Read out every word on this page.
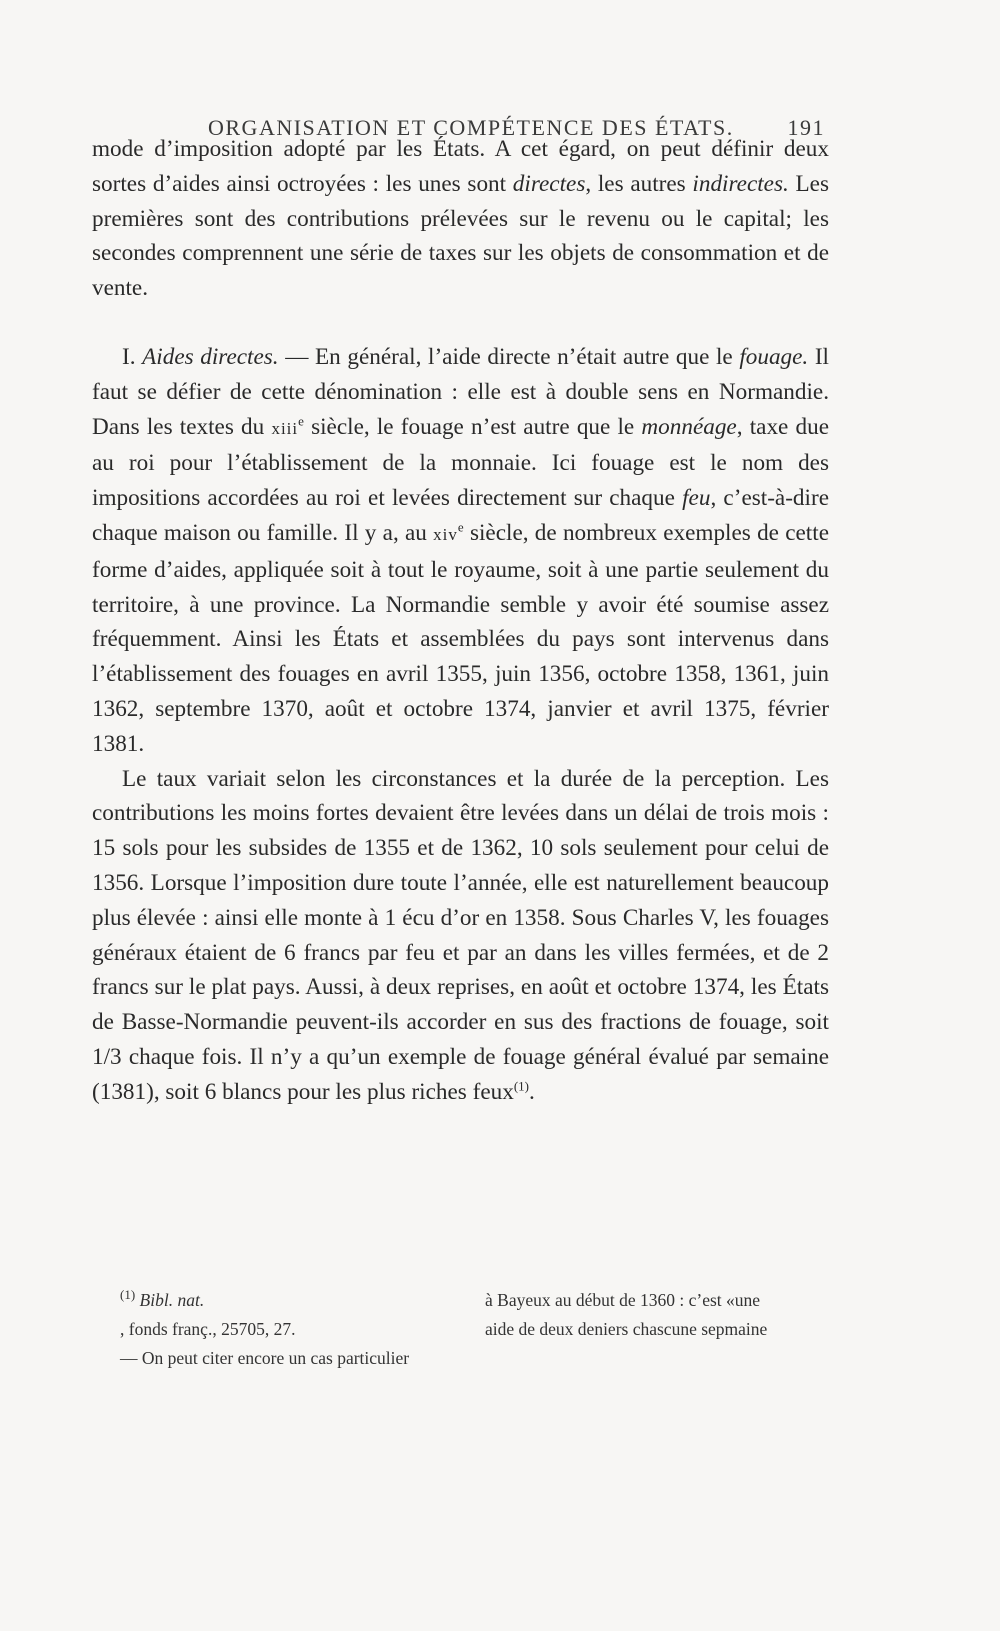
ORGANISATION ET COMPÉTENCE DES ÉTATS. 191

mode d’imposition adopté par les États. A cet égard, on peut définir deux sortes d’aides ainsi octroyées : les unes sont directes, les autres indirectes. Les premières sont des contributions prélevées sur le revenu ou le capital; les secondes comprennent une série de taxes sur les objets de consommation et de vente.

I. Aides directes. — En général, l’aide directe n’était autre que le fouage. Il faut se défier de cette dénomination : elle est à double sens en Normandie. Dans les textes du xiii$^e$ siècle, le fouage n’est autre que le monnéage, taxe due au roi pour l’établissement de la monnaie. Ici fouage est le nom des impositions accordées au roi et levées directement sur chaque feu, c’est-à-dire chaque maison ou famille. Il y a, au xiv$^e$ siècle, de nombreux exemples de cette forme d’aides, appliquée soit à tout le royaume, soit à une partie seulement du territoire, à une province. La Normandie semble y avoir été soumise assez fréquemment. Ainsi les États et assemblées du pays sont intervenus dans l’établissement des fouages en avril 1355, juin 1356, octobre 1358, 1361, juin 1362, septembre 1370, août et octobre 1374, janvier et avril 1375, février 1381.

Le taux variait selon les circonstances et la durée de la perception. Les contributions les moins fortes devaient être levées dans un délai de trois mois : 15 sols pour les subsides de 1355 et de 1362, 10 sols seulement pour celui de 1356. Lorsque l’imposition dure toute l’année, elle est naturellement beaucoup plus élevée : ainsi elle monte à 1 écu d’or en 1358. Sous Charles V, les fouages généraux étaient de 6 francs par feu et par an dans les villes fermées, et de 2 francs sur le plat pays. Aussi, à deux reprises, en août et octobre 1374, les États de Basse-Normandie peuvent-ils accorder en sus des fractions de fouage, soit 1/3 chaque fois. Il n’y a qu’un exemple de fouage général évalué par semaine (1381), soit 6 blancs pour les plus riches feux$^{(1)}$.

$^{(1)}$ Bibl. nat.
, fonds franç., 25705, 27.
— On peut citer encore un cas particulier
à Bayeux au début de 1360 : c’est «une
aide de deux deniers chascune sepmaine
